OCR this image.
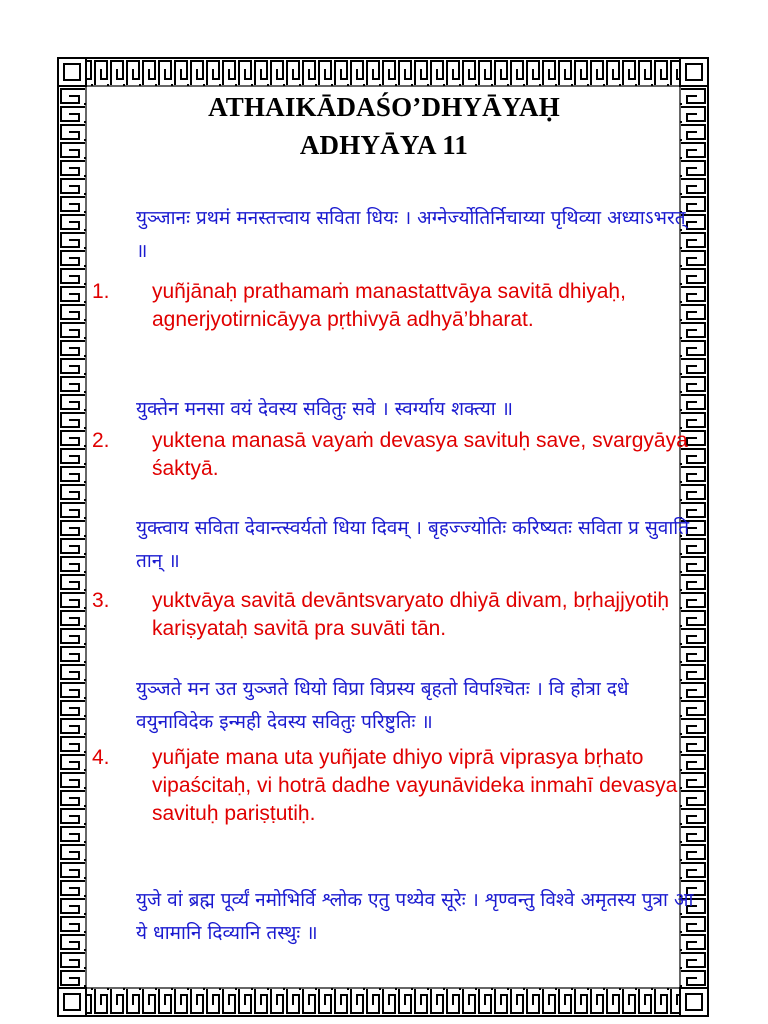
ATHAIKĀDAŚO’DHYĀYAḤ
ADHYĀYA 11

युञ्जानः प्रथमं मनस्तत्त्वाय सविता धियः । अग्नेर्ज्योतिर्निचाय्या पृथिव्या अध्याऽभरत् ॥

1. yuñjānaḥ prathamaṁ manastattvāya savitā dhiyaḥ, agnerjyotirnicāyya pṛthivyā adhyā’bharat.

युक्तेन मनसा वयं देवस्य सवितुः सवे । स्वर्ग्याय शक्त्या ॥

2. yuktena manasā vayaṁ devasya savituḥ save, svargyāya śaktyā.

युक्त्वाय सविता देवान्त्स्वर्यतो धिया दिवम् । बृहज्ज्योतिः करिष्यतः सविता प्र सुवाति तान् ॥

3. yuktvāya savitā devāntsvaryato dhiyā divam, bṛhajjyotiḥ kariṣyataḥ savitā pra suvāti tān.

युञ्जते मन उत युञ्जते धियो विप्रा विप्रस्य बृहतो विपश्चितः । वि होत्रा दधे वयुनाविदेक इन्मही देवस्य सवितुः परिष्टुतिः ॥

4. yuñjate mana uta yuñjate dhiyo viprā viprasya bṛhato vipaścitaḥ, vi hotrā dadhe vayunāvideka inmahī devasya savituḥ pariṣṭutiḥ.

युजे वां ब्रह्म पूर्व्यं नमोभिर्वि श्लोक एतु पथ्येव सूरेः । शृण्वन्तु विश्वे अमृतस्य पुत्रा आ ये धामानि दिव्यानि तस्थुः ॥
